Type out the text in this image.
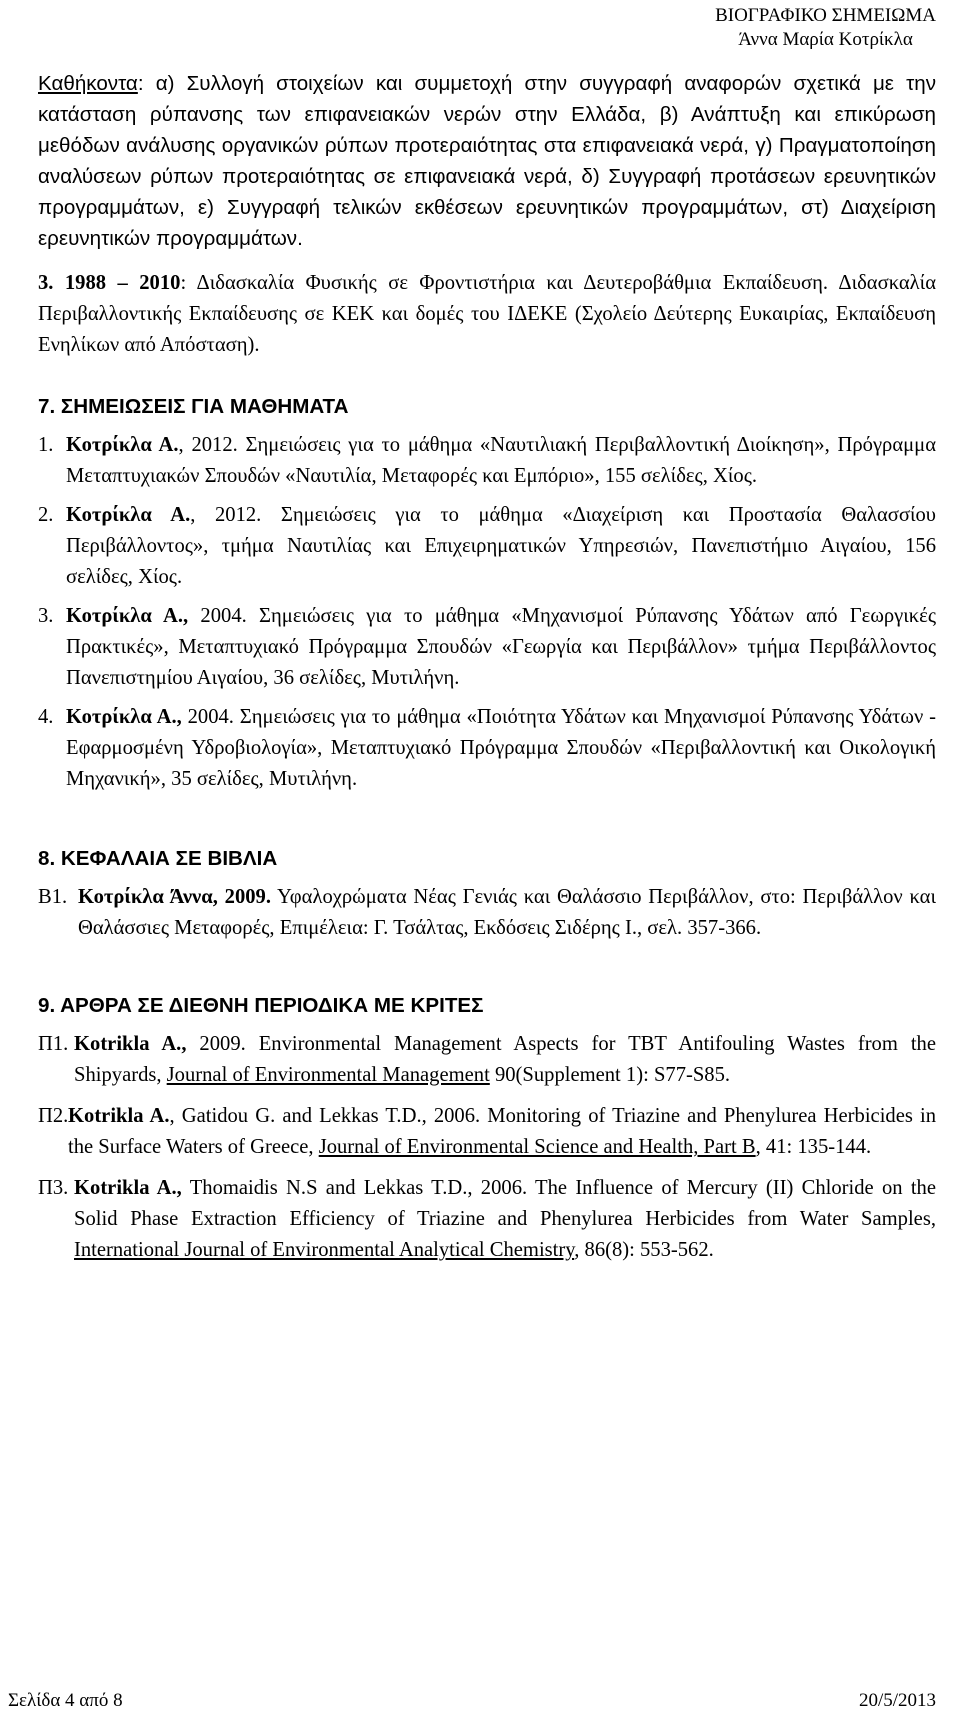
ΒΙΟΓΡΑΦΙΚΟ ΣΗΜΕΙΩΜΑ
Άννα Μαρία Κοτρίκλα

Καθήκοντα: α) Συλλογή στοιχείων και συμμετοχή στην συγγραφή αναφορών σχετικά με την κατάσταση ρύπανσης των επιφανειακών νερών στην Ελλάδα, β) Ανάπτυξη και επικύρωση μεθόδων ανάλυσης οργανικών ρύπων προτεραιότητας στα επιφανειακά νερά, γ) Πραγματοποίηση αναλύσεων ρύπων προτεραιότητας σε επιφανειακά νερά, δ) Συγγραφή προτάσεων ερευνητικών προγραμμάτων, ε) Συγγραφή τελικών εκθέσεων ερευνητικών προγραμμάτων, στ) Διαχείριση ερευνητικών προγραμμάτων.

3. 1988 – 2010: Διδασκαλία Φυσικής σε Φροντιστήρια και Δευτεροβάθμια Εκπαίδευση. Διδασκαλία Περιβαλλοντικής Εκπαίδευσης σε ΚΕΚ και δομές του ΙΔΕΚΕ (Σχολείο Δεύτερης Ευκαιρίας, Εκπαίδευση Ενηλίκων από Απόσταση).

7. ΣΗΜΕΙΩΣΕΙΣ ΓΙΑ ΜΑΘΗΜΑΤΑ

1. Κοτρίκλα Α., 2012. Σημειώσεις για το μάθημα «Ναυτιλιακή Περιβαλλοντική Διοίκηση», Πρόγραμμα Μεταπτυχιακών Σπουδών «Ναυτιλία, Μεταφορές και Εμπόριο», 155 σελίδες, Χίος.
2. Κοτρίκλα Α., 2012. Σημειώσεις για το μάθημα «Διαχείριση και Προστασία Θαλασσίου Περιβάλλοντος», τμήμα Ναυτιλίας και Επιχειρηματικών Υπηρεσιών, Πανεπιστήμιο Αιγαίου, 156 σελίδες, Χίος.
3. Κοτρίκλα Α., 2004. Σημειώσεις για το μάθημα «Μηχανισμοί Ρύπανσης Υδάτων από Γεωργικές Πρακτικές», Μεταπτυχιακό Πρόγραμμα Σπουδών «Γεωργία και Περιβάλλον» τμήμα Περιβάλλοντος Πανεπιστημίου Αιγαίου, 36 σελίδες, Μυτιλήνη.
4. Κοτρίκλα Α., 2004. Σημειώσεις για το μάθημα «Ποιότητα Υδάτων και Μηχανισμοί Ρύπανσης Υδάτων - Εφαρμοσμένη Υδροβιολογία», Μεταπτυχιακό Πρόγραμμα Σπουδών «Περιβαλλοντική και Οικολογική Μηχανική», 35 σελίδες, Μυτιλήνη.

8. ΚΕΦΑΛΑΙΑ ΣΕ ΒΙΒΛΙΑ

Β1. Κοτρίκλα Άννα, 2009. Υφαλοχρώματα Νέας Γενιάς και Θαλάσσιο Περιβάλλον, στο: Περιβάλλον και Θαλάσσιες Μεταφορές, Επιμέλεια: Γ. Τσάλτας, Εκδόσεις Σιδέρης Ι., σελ. 357-366.

9. ΑΡΘΡΑ ΣΕ ΔΙΕΘΝΗ ΠΕΡΙΟΔΙΚΑ ΜΕ ΚΡΙΤΕΣ

Π1. Kotrikla A., 2009. Environmental Management Aspects for TBT Antifouling Wastes from the Shipyards, Journal of Environmental Management 90(Supplement 1): S77-S85.
Π2. Kotrikla A., Gatidou G. and Lekkas T.D., 2006. Monitoring of Triazine and Phenylurea Herbicides in the Surface Waters of Greece, Journal of Environmental Science and Health, Part B, 41: 135-144.
Π3. Kotrikla A., Thomaidis N.S and Lekkas T.D., 2006. The Influence of Mercury (II) Chloride on the Solid Phase Extraction Efficiency of Triazine and Phenylurea Herbicides from Water Samples, International Journal of Environmental Analytical Chemistry, 86(8): 553-562.
Σελίδα 4 από 8	20/5/2013
